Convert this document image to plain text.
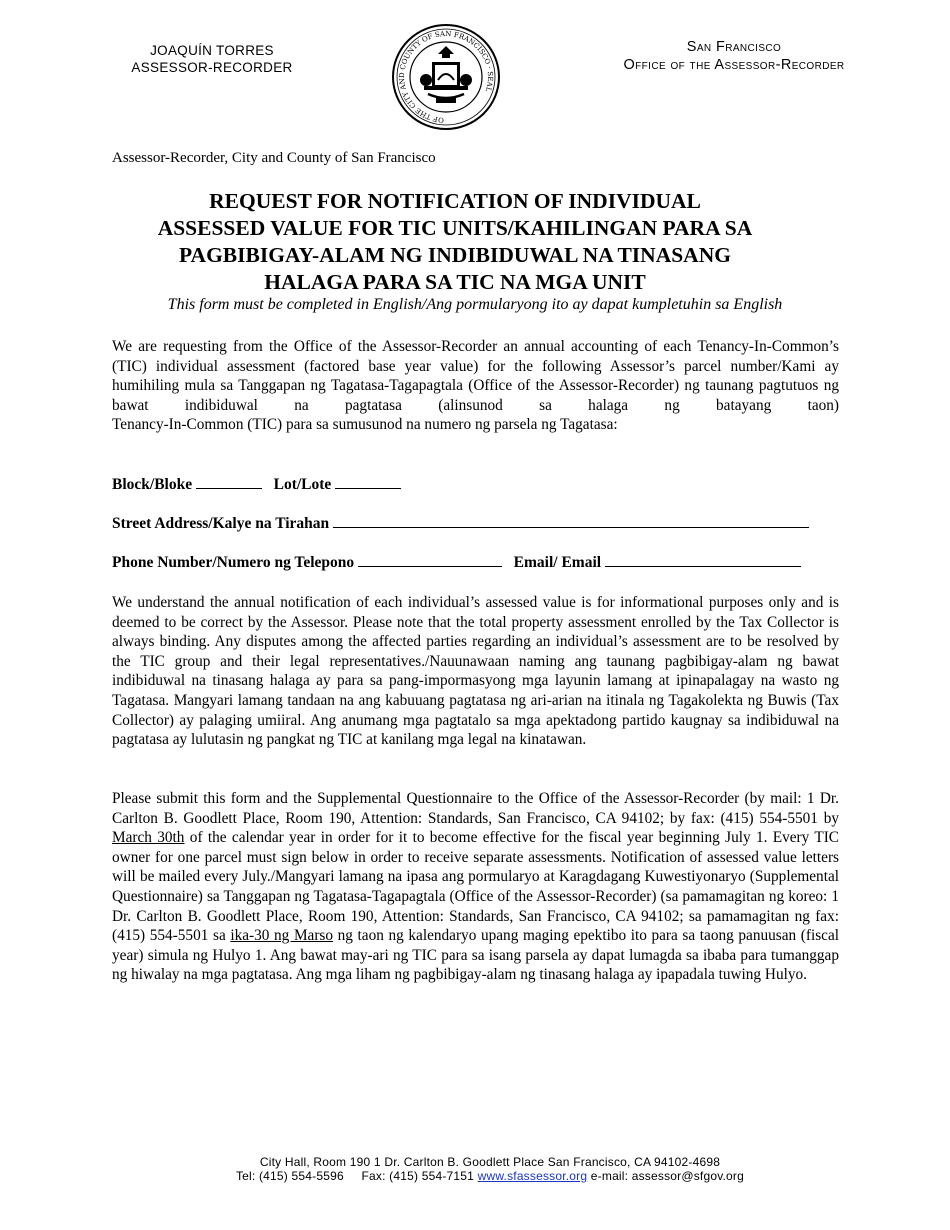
JOAQUÍN TORRES
ASSESSOR-RECORDER
OF THE CITY AND COUNTY OF SAN FRANCISCO · SEAL
San Francisco
Office of the Assessor-Recorder
Assessor-Recorder, City and County of San Francisco
REQUEST FOR NOTIFICATION OF INDIVIDUAL
ASSESSED VALUE FOR TIC UNITS/KAHILINGAN PARA SA
PAGBIBIGAY-ALAM NG INDIBIDUWAL NA TINASANG
HALAGA PARA SA TIC NA MGA UNIT
This form must be completed in English/Ang pormularyong ito ay dapat kumpletuhin sa English
We are requesting from the Office of the Assessor-Recorder an annual accounting of each Tenancy-In-Common’s (TIC) individual assessment (factored base year value) for the following Assessor’s parcel number/Kami ay humihiling mula sa Tanggapan ng Tagatasa-Tagapagtala (Office of the Assessor-Recorder) ng taunang pagtutuos ng bawat indibiduwal na pagtatasa (alinsunod sa halaga ng batayang taon)
Tenancy-In-Common (TIC) para sa sumusunod na numero ng parsela ng Tagatasa:
Block/Bloke	Lot/Lote
Street Address/Kalye na Tirahan
Phone Number/Numero ng Telepono	Email/ Email
We understand the annual notification of each individual’s assessed value is for informational purposes only and is deemed to be correct by the Assessor. Please note that the total property assessment enrolled by the Tax Collector is always binding. Any disputes among the affected parties regarding an individual’s assessment are to be resolved by the TIC group and their legal representatives./Nauunawaan naming ang taunang pagbibigay-alam ng bawat indibiduwal na tinasang halaga ay para sa pang-impormasyong mga layunin lamang at ipinapalagay na wasto ng Tagatasa. Mangyari lamang tandaan na ang kabuuang pagtatasa ng ari-arian na itinala ng Tagakolekta ng Buwis (Tax Collector) ay palaging umiiral. Ang anumang mga pagtatalo sa mga apektadong partido kaugnay sa indibiduwal na pagtatasa ay lulutasin ng pangkat ng TIC at kanilang mga legal na kinatawan.
Please submit this form and the Supplemental Questionnaire to the Office of the Assessor-Recorder (by mail: 1 Dr. Carlton B. Goodlett Place, Room 190, Attention: Standards, San Francisco, CA 94102; by fax: (415) 554-5501 by March 30th of the calendar year in order for it to become effective for the fiscal year beginning July 1. Every TIC owner for one parcel must sign below in order to receive separate assessments. Notification of assessed value letters will be mailed every July./Mangyari lamang na ipasa ang pormularyo at Karagdagang Kuwestiyonaryo (Supplemental Questionnaire) sa Tanggapan ng Tagatasa-Tagapagtala (Office of the Assessor-Recorder) (sa pamamagitan ng koreo: 1 Dr. Carlton B. Goodlett Place, Room 190, Attention: Standards, San Francisco, CA 94102; sa pamamagitan ng fax: (415) 554-5501 sa ika-30 ng Marso ng taon ng kalendaryo upang maging epektibo ito para sa taong panuusan (fiscal year) simula ng Hulyo 1. Ang bawat may-ari ng TIC para sa isang parsela ay dapat lumagda sa ibaba para tumanggap ng hiwalay na mga pagtatasa. Ang mga liham ng pagbibigay-alam ng tinasang halaga ay ipapadala tuwing Hulyo.
City Hall, Room 190 1 Dr. Carlton B. Goodlett Place San Francisco, CA 94102-4698
Tel: (415) 554-5596 Fax: (415) 554-7151 www.sfassessor.org e-mail: assessor@sfgov.org
